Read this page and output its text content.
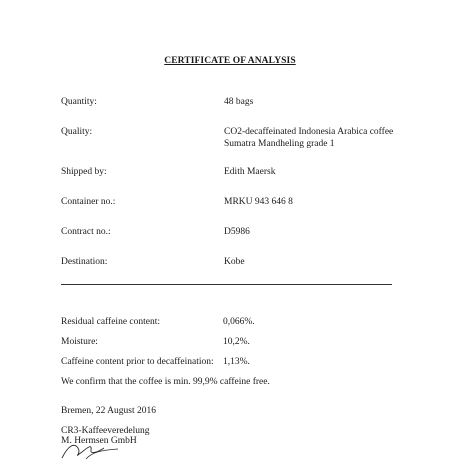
CERTIFICATE OF ANALYSIS
Quantity:	48 bags
Quality:	CO2-decaffeinated Indonesia Arabica coffee
Sumatra Mandheling grade 1
Shipped by:	Edith Maersk
Container no.:	MRKU 943 646 8
Contract no.:	D5986
Destination:	Kobe
Residual caffeine content:	0,066%.
Moisture:	10,2%.
Caffeine content prior to decaffeination: 1,13%.
We confirm that the coffee is min. 99,9% caffeine free.
Bremen, 22 August 2016
CR3-Kaffeeveredelung
M. Hermsen GmbH
